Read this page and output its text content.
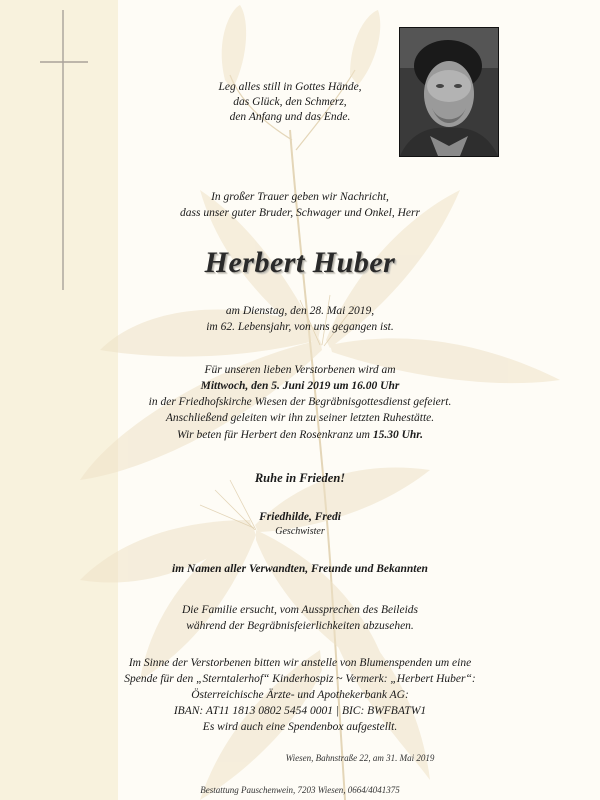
Leg alles still in Gottes Hände,
das Glück, den Schmerz,
den Anfang und das Ende.
In großer Trauer geben wir Nachricht,
dass unser guter Bruder, Schwager und Onkel, Herr
Herbert Huber
am Dienstag, den 28. Mai 2019,
im 62. Lebensjahr, von uns gegangen ist.
Für unseren lieben Verstorbenen wird am
Mittwoch, den 5. Juni 2019 um 16.00 Uhr
in der Friedhofskirche Wiesen der Begräbnisgottesdienst gefeiert.
Anschließend geleiten wir ihn zu seiner letzten Ruhestätte.
Wir beten für Herbert den Rosenkranz um 15.30 Uhr.
Ruhe in Frieden!
Friedhilde, Fredi
Geschwister
im Namen aller Verwandten, Freunde und Bekannten
Die Familie ersucht, vom Aussprechen des Beileids
während der Begräbnisfeierlichkeiten abzusehen.
Im Sinne der Verstorbenen bitten wir anstelle von Blumenspenden um eine
Spende für den „Sterntalerhof“ Kinderhospiz ~ Vermerk: „Herbert Huber“:
Österreichische Ärzte- und Apothekerbank AG:
IBAN: AT11 1813 0802 5454 0001 | BIC: BWFBATW1
Es wird auch eine Spendenbox aufgestellt.
Wiesen, Bahnstraße 22, am 31. Mai 2019
Bestattung Pauschenwein, 7203 Wiesen, 0664/4041375
